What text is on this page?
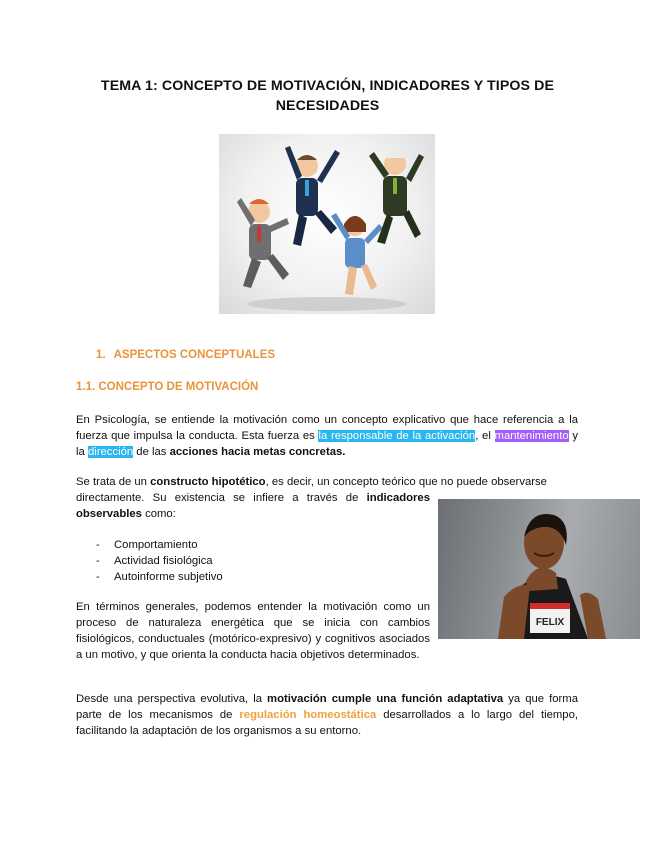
TEMA 1: CONCEPTO DE MOTIVACIÓN, INDICADORES Y TIPOS DE NECESIDADES
1. ASPECTOS CONCEPTUALES
1.1. CONCEPTO DE MOTIVACIÓN

En Psicología, se entiende la motivación como un concepto explicativo que hace referencia a la fuerza que impulsa la conducta. Esta fuerza es la responsable de la activación, el mantenimiento y la dirección de las acciones hacia metas concretas.

Se trata de un constructo hipotético, es decir, un concepto teórico que no puede observarse

directamente. Su existencia se infiere a través de indicadores observables como:

- Comportamiento
- Actividad fisiológica
- Autoinforme subjetivo
FELIX

En términos generales, podemos entender la motivación como un proceso de naturaleza energética que se inicia con cambios fisiológicos, conductuales (motórico-expresivo) y cognitivos asociados a un motivo, y que orienta la conducta hacia objetivos determinados.

Desde una perspectiva evolutiva, la motivación cumple una función adaptativa ya que forma parte de los mecanismos de regulación homeostática desarrollados a lo largo del tiempo, facilitando la adaptación de los organismos a su entorno.
